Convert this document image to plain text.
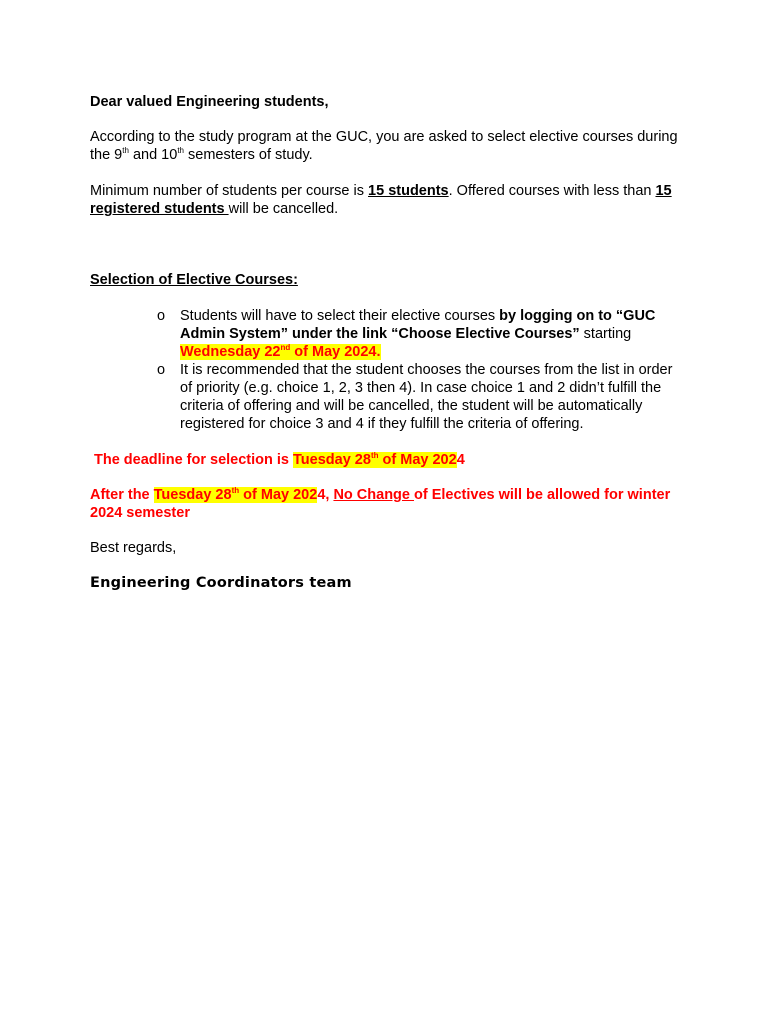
Dear valued Engineering students,

According to the study program at the GUC, you are asked to select elective courses during the 9th and 10th semesters of study.

Minimum number of students per course is 15 students. Offered courses with less than 15 registered students will be cancelled.

Selection of Elective Courses:

o Students will have to select their elective courses by logging on to “GUC Admin System” under the link “Choose Elective Courses” starting Wednesday 22nd of May 2024.
o It is recommended that the student chooses the courses from the list in order of priority (e.g. choice 1, 2, 3 then 4). In case choice 1 and 2 didn’t fulfill the criteria of offering and will be cancelled, the student will be automatically registered for choice 3 and 4 if they fulfill the criteria of offering.

The deadline for selection is Tuesday 28th of May 2024

After the Tuesday 28th of May 2024, No Change of Electives will be allowed for winter 2024 semester

Best regards,

Engineering Coordinators team
